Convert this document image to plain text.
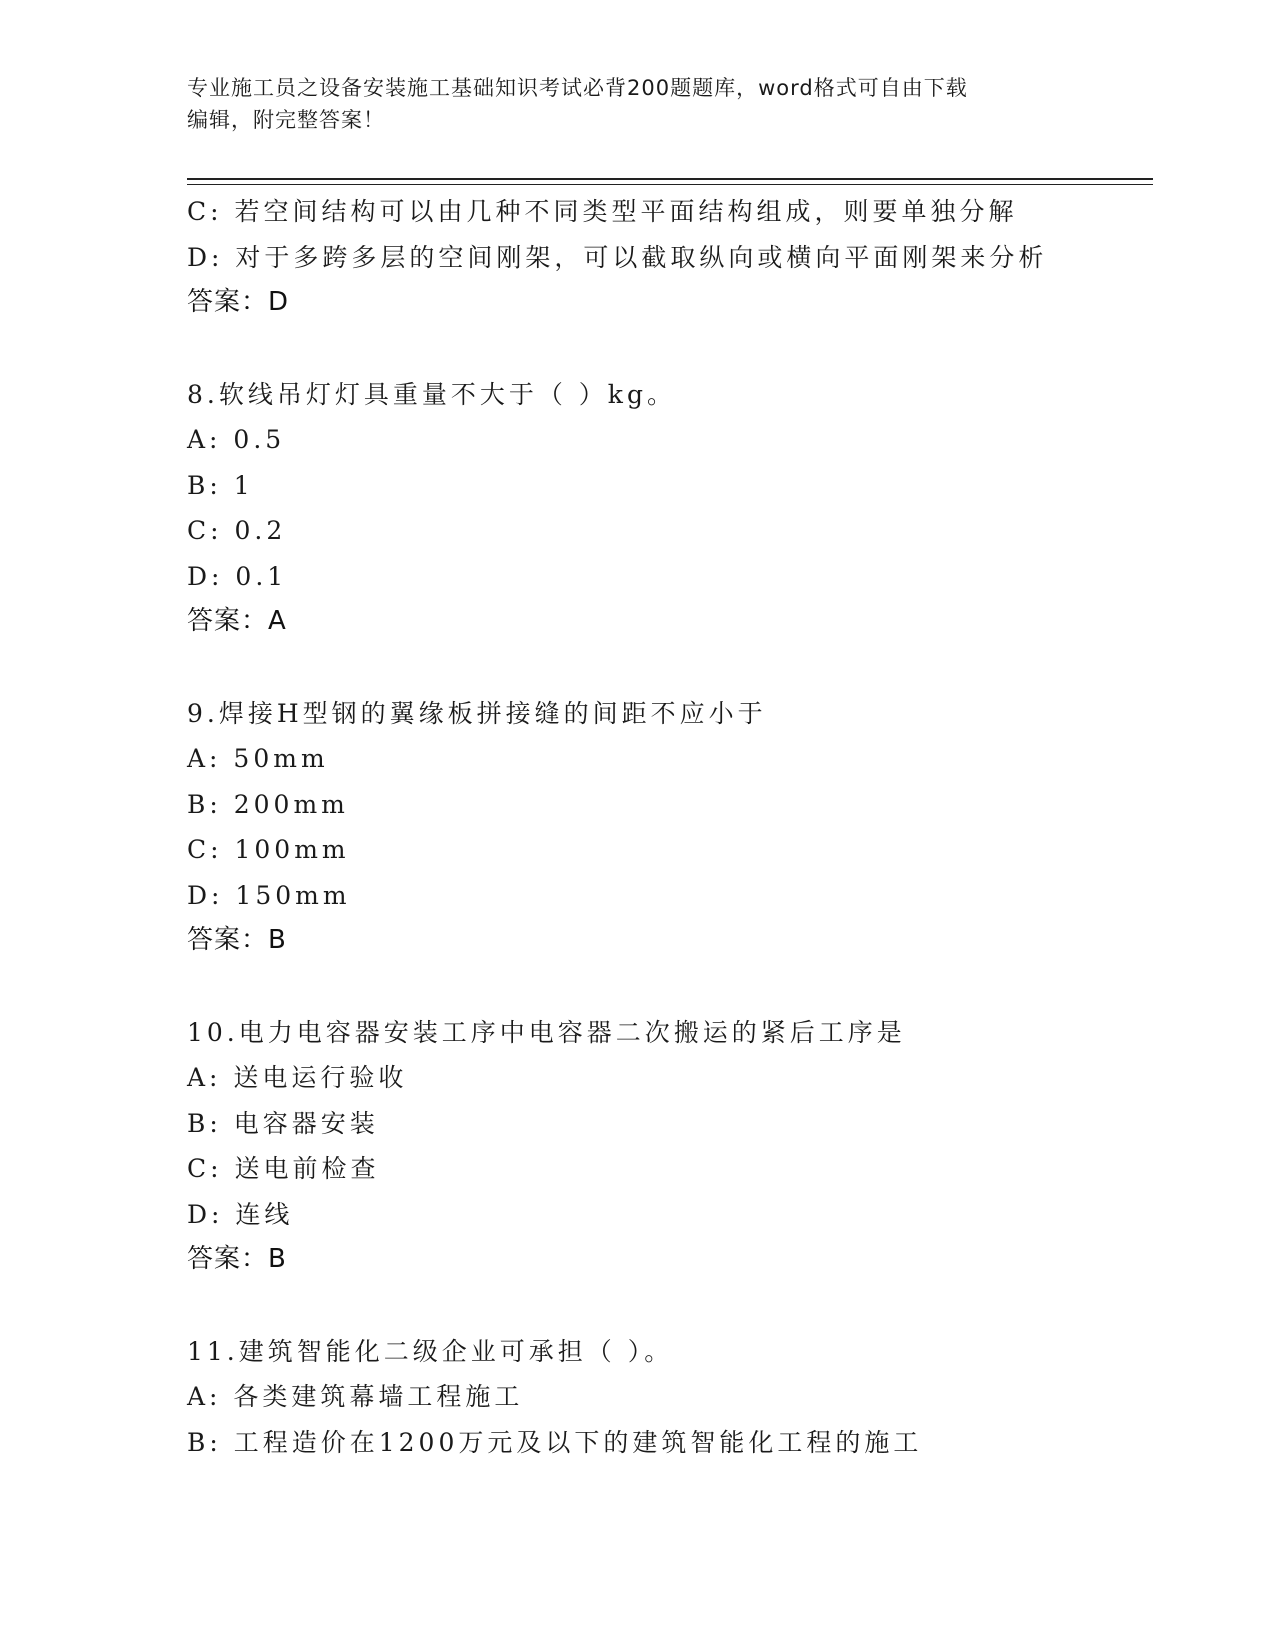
专业施工员之设备安装施工基础知识考试必背200题题库，word格式可自由下载
编辑，附完整答案！
C: 若空间结构可以由几种不同类型平面结构组成，则要单独分解
D: 对于多跨多层的空间刚架，可以截取纵向或横向平面刚架来分析
答案：D
8.软线吊灯灯具重量不大于（ ）kg。
A: 0.5
B: 1
C: 0.2
D: 0.1
答案：A
9.焊接H型钢的翼缘板拼接缝的间距不应小于
A: 50mm
B: 200mm
C: 100mm
D: 150mm
答案：B
10.电力电容器安装工序中电容器二次搬运的紧后工序是
A: 送电运行验收
B: 电容器安装
C: 送电前检查
D: 连线
答案：B
11.建筑智能化二级企业可承担（ ）。
A: 各类建筑幕墙工程施工
B: 工程造价在1200万元及以下的建筑智能化工程的施工
